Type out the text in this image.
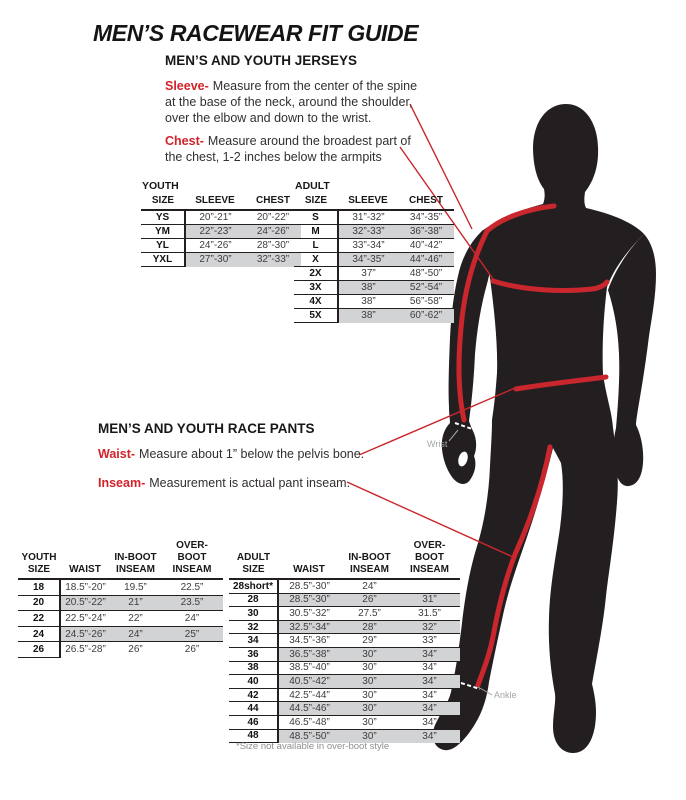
MEN’S RACEWEAR FIT GUIDE
MEN’S AND YOUTH JERSEYS

Sleeve- Measure from the center of the spine at the base of the neck, around the shoulder, over the elbow and down to the wrist.

Chest- Measure around the broadest part of the chest, 1-2 inches below the armpits

YOUTH
SIZE	SLEEVE	CHEST
YS	20”-21”	20”-22”
YM	22”-23”	24”-26”
YL	24”-26”	28”-30”
YXL	27”-30”	32”-33”
ADULT
SIZE	SLEEVE	CHEST
S	31”-32”	34”-35”
M	32”-33”	36”-38”
L	33”-34”	40”-42”
X	34”-35”	44”-46”
2X	37”	48”-50”
3X	38”	52”-54”
4X	38”	56”-58”
5X	38”	60”-62”
MEN’S AND YOUTH RACE PANTS

Waist- Measure about 1” below the pelvis bone.

Inseam- Measurement is actual pant inseam.

YOUTH
SIZE	WAIST

IN-BOOT
INSEAM

OVER-BOOT
INSEAM

18	18.5”-20”	19.5”	22.5”
20	20.5”-22”	21”	23.5”
22	22.5”-24”	22”	24”
24	24.5”-26”	24”	25”
26	26.5”-28”	26”	26”
ADULT
SIZE	WAIST

IN-BOOT
INSEAM

OVER-BOOT
INSEAM

28short*	28.5”-30”	24”	
28	28.5”-30”	26”	31”
30	30.5”-32”	27.5”	31.5”
32	32.5”-34”	28”	32”
34	34.5”-36”	29”	33”
36	36.5”-38”	30”	34”
38	38.5”-40”	30”	34”
40	40.5”-42”	30”	34”
42	42.5”-44”	30”	34”
44	44.5”-46”	30”	34”
46	46.5”-48”	30”	34”
48	48.5”-50”	30”	34”
Wrist
Ankle
*Size not available in over-boot style
